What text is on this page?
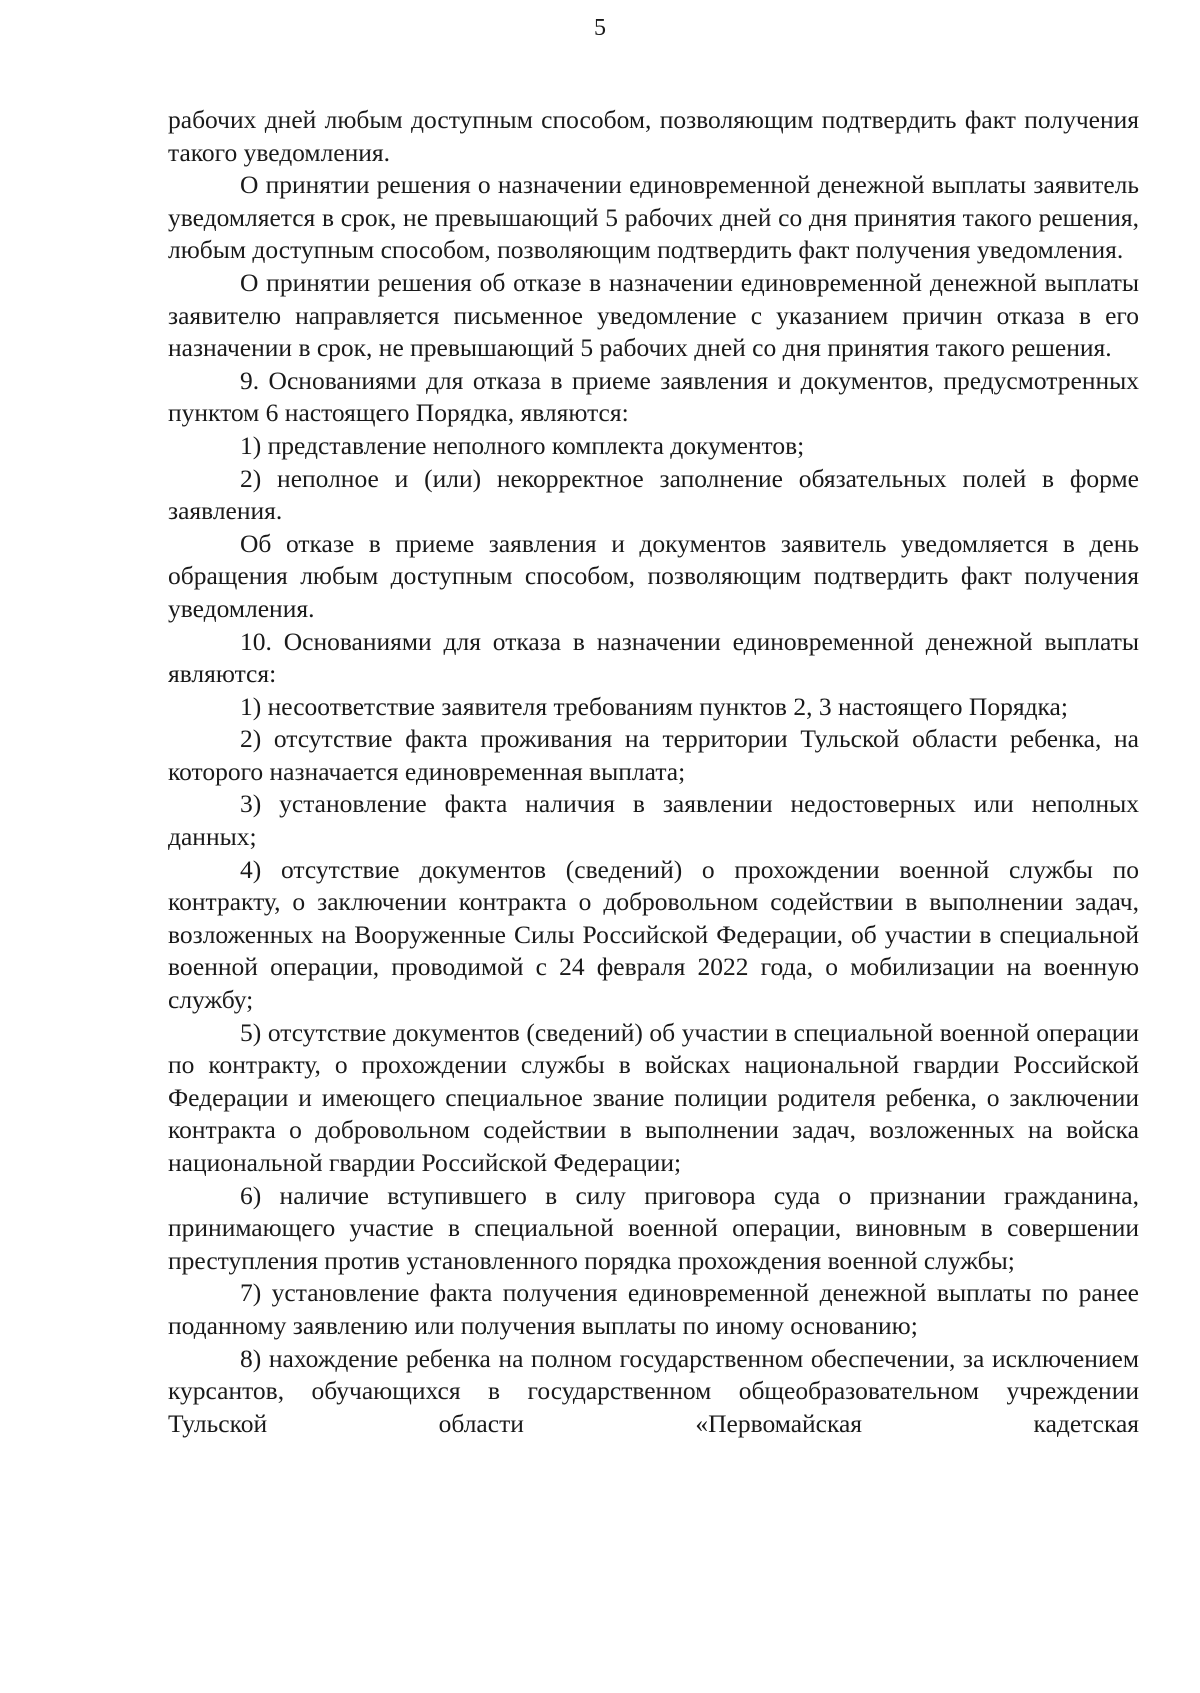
5

рабочих дней любым доступным способом, позволяющим подтвердить факт получения такого уведомления.

О принятии решения о назначении единовременной денежной выплаты заявитель уведомляется в срок, не превышающий 5 рабочих дней со дня принятия такого решения, любым доступным способом, позволяющим подтвердить факт получения уведомления.

О принятии решения об отказе в назначении единовременной денежной выплаты заявителю направляется письменное уведомление с указанием причин отказа в его назначении в срок, не превышающий 5 рабочих дней со дня принятия такого решения.

9. Основаниями для отказа в приеме заявления и документов, предусмотренных пунктом 6 настоящего Порядка, являются:

1) представление неполного комплекта документов;

2) неполное и (или) некорректное заполнение обязательных полей в форме заявления.

Об отказе в приеме заявления и документов заявитель уведомляется в день обращения любым доступным способом, позволяющим подтвердить факт получения уведомления.

10. Основаниями для отказа в назначении единовременной денежной выплаты являются:

1) несоответствие заявителя требованиям пунктов 2, 3 настоящего Порядка;

2) отсутствие факта проживания на территории Тульской области ребенка, на которого назначается единовременная выплата;

3) установление факта наличия в заявлении недостоверных или неполных данных;

4) отсутствие документов (сведений) о прохождении военной службы по контракту, о заключении контракта о добровольном содействии в выполнении задач, возложенных на Вооруженные Силы Российской Федерации, об участии в специальной военной операции, проводимой с 24 февраля 2022 года, о мобилизации на военную службу;

5) отсутствие документов (сведений) об участии в специальной военной операции по контракту, о прохождении службы в войсках национальной гвардии Российской Федерации и имеющего специальное звание полиции родителя ребенка, о заключении контракта о добровольном содействии в выполнении задач, возложенных на войска национальной гвардии Российской Федерации;

6) наличие вступившего в силу приговора суда о признании гражданина, принимающего участие в специальной военной операции, виновным в совершении преступления против установленного порядка прохождения военной службы;

7) установление факта получения единовременной денежной выплаты по ранее поданному заявлению или получения выплаты по иному основанию;

8) нахождение ребенка на полном государственном обеспечении, за исключением курсантов, обучающихся в государственном общеобразовательном учреждении Тульской области «Первомайская кадетская
